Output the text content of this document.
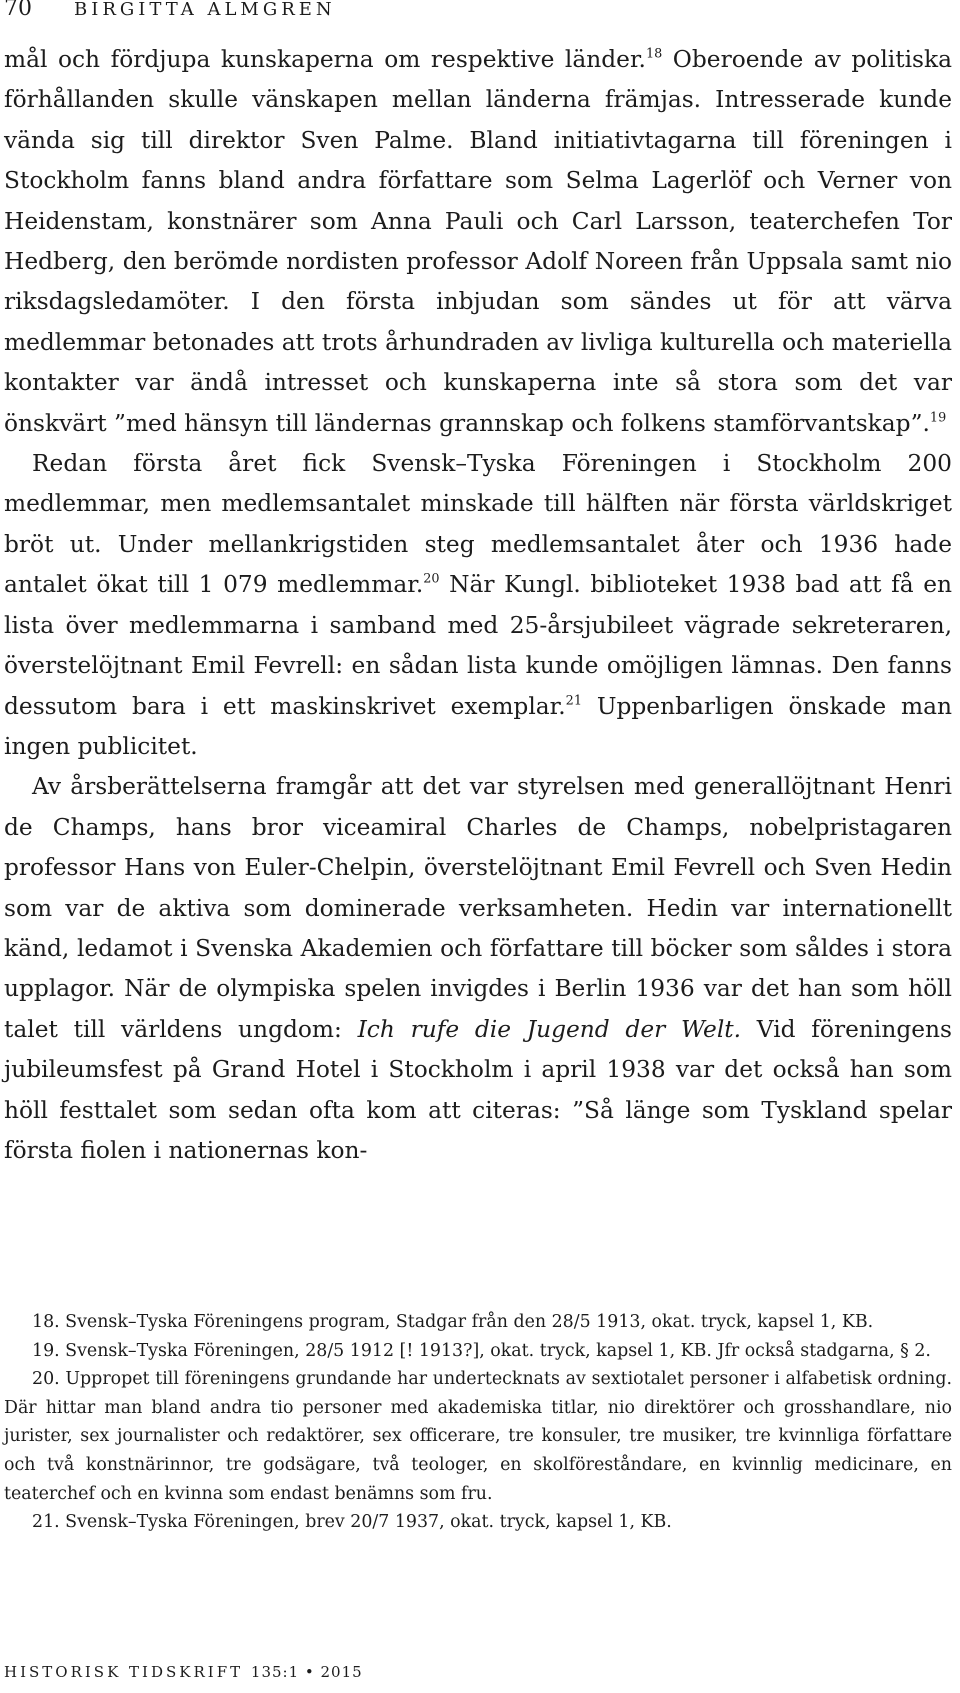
70 BIRGITTA ALMGREN

mål och fördjupa kunskaperna om respektive länder.$^{18}$ Oberoende av politiska förhållanden skulle vänskapen mellan länderna främjas. Intresserade kunde vända sig till direktor Sven Palme. Bland initiativtagarna till föreningen i Stockholm fanns bland andra författare som Selma Lagerlöf och Verner von Heidenstam, konstnärer som Anna Pauli och Carl Larsson, teaterchefen Tor Hedberg, den berömde nordisten professor Adolf Noreen från Uppsala samt nio riksdagsledamöter. I den första inbjudan som sändes ut för att värva medlemmar betonades att trots århundraden av livliga kulturella och materiella kontakter var ändå intresset och kunskaperna inte så stora som det var önskvärt ”med hänsyn till ländernas grannskap och folkens stamförvantskap”.$^{19}$

Redan första året fick Svensk–Tyska Föreningen i Stockholm 200 medlemmar, men medlemsantalet minskade till hälften när första världskriget bröt ut. Under mellankrigstiden steg medlemsantalet åter och 1936 hade antalet ökat till 1 079 medlemmar.$^{20}$ När Kungl. biblioteket 1938 bad att få en lista över medlemmarna i samband med 25-årsjubileet vägrade sekreteraren, överstelöjtnant Emil Fevrell: en sådan lista kunde omöjligen lämnas. Den fanns dessutom bara i ett maskinskrivet exemplar.$^{21}$ Uppenbarligen önskade man ingen publicitet.

Av årsberättelserna framgår att det var styrelsen med generallöjtnant Henri de Champs, hans bror viceamiral Charles de Champs, nobelpristagaren professor Hans von Euler-Chelpin, överstelöjtnant Emil Fevrell och Sven Hedin som var de aktiva som dominerade verksamheten. Hedin var internationellt känd, ledamot i Svenska Akademien och författare till böcker som såldes i stora upplagor. När de olympiska spelen invigdes i Berlin 1936 var det han som höll talet till världens ungdom: Ich rufe die Jugend der Welt. Vid föreningens jubileumsfest på Grand Hotel i Stockholm i april 1938 var det också han som höll festtalet som sedan ofta kom att citeras: ”Så länge som Tyskland spelar första fiolen i nationernas kon-

18. Svensk–Tyska Föreningens program, Stadgar från den 28/5 1913, okat. tryck, kapsel 1, KB.

19. Svensk–Tyska Föreningen, 28/5 1912 [! 1913?], okat. tryck, kapsel 1, KB. Jfr också stadgarna, § 2.

20. Uppropet till föreningens grundande har undertecknats av sextiotalet personer i alfabetisk ordning. Där hittar man bland andra tio personer med akademiska titlar, nio direktörer och grosshandlare, nio jurister, sex journalister och redaktörer, sex officerare, tre konsuler, tre musiker, tre kvinnliga författare och två konstnärinnor, tre godsägare, två teologer, en skolföreståndare, en kvinnlig medicinare, en teaterchef och en kvinna som endast benämns som fru.

21. Svensk–Tyska Föreningen, brev 20/7 1937, okat. tryck, kapsel 1, KB.

HISTORISK TIDSKRIFT 135:1 • 2015
